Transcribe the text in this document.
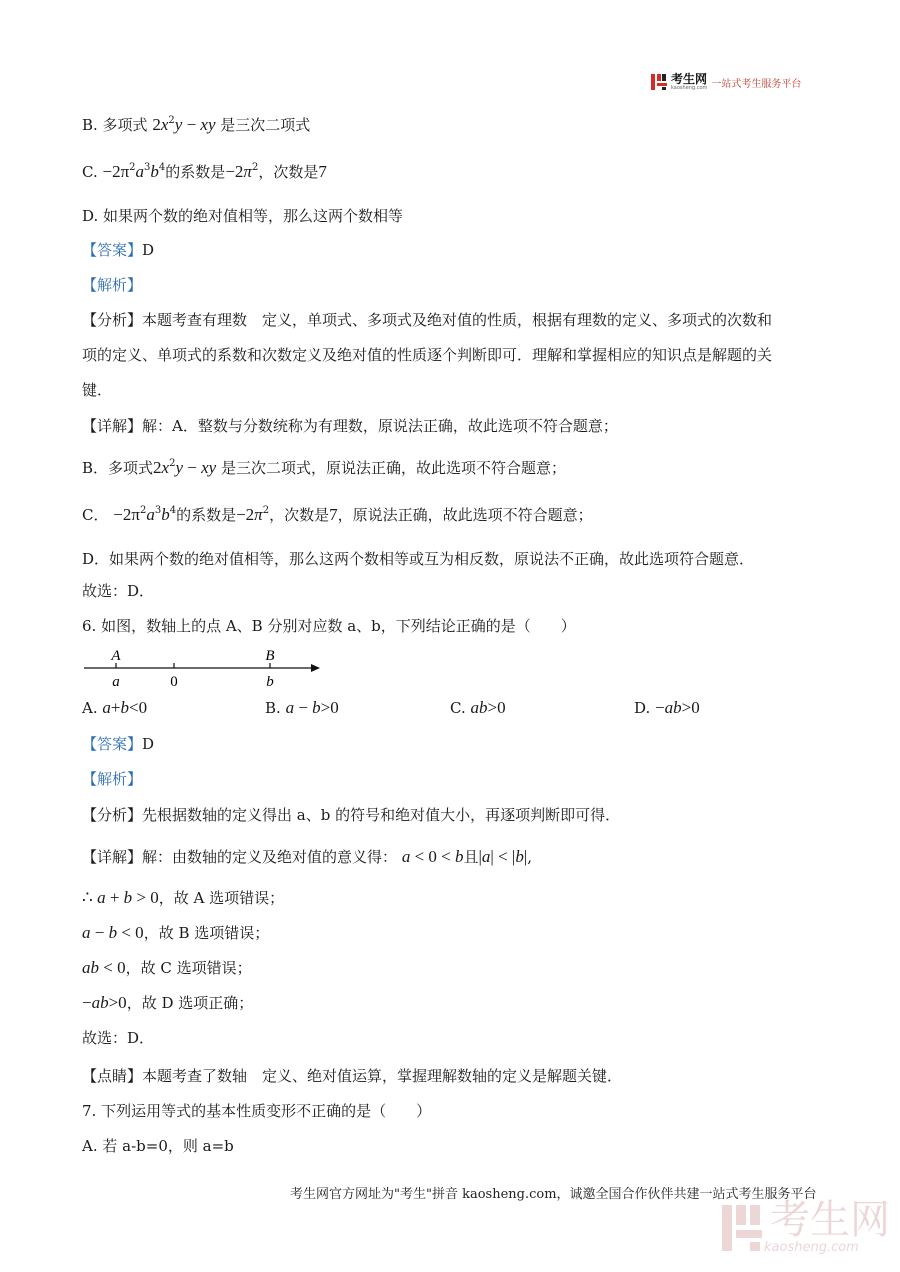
考生网
kaosheng.com 一站式考生服务平台
B. 多项式 $2x^2y$ − xy 是三次二项式
C. $-2\pi^2a^3b^4$的系数是$-2\pi^2$，次数是7
D. 如果两个数的绝对值相等，那么这两个数相等
【答案】D
【解析】
【分析】本题考查有理数　定义，单项式、多项式及绝对值的性质，根据有理数的定义、多项式的次数和
项的定义、单项式的系数和次数定义及绝对值的性质逐个判断即可．理解和掌握相应的知识点是解题的关
键．
【详解】解：A．整数与分数统称为有理数，原说法正确，故此选项不符合题意；
B．多项式$2x^2y$ − xy 是三次二项式，原说法正确，故此选项不符合题意；
C． $-2\pi^2a^3b^4$的系数是$-2\pi^2$，次数是7，原说法正确，故此选项不符合题意；
D．如果两个数的绝对值相等，那么这两个数相等或互为相反数，原说法不正确，故此选项符合题意．
故选：D．
6. 如图，数轴上的点 A、B 分别对应数 a、b，下列结论正确的是（　　）
A	B
a	0	b
A. a+b<0	B. a − b>0	C. ab>0	D. −ab>0
【答案】D
【解析】
【分析】先根据数轴的定义得出 a、b 的符号和绝对值大小，再逐项判断即可得．
【详解】解：由数轴的定义及绝对值的意义得： a < 0 < b且|a| < |b|,
∴ a + b > 0，故 A 选项错误；
a − b < 0，故 B 选项错误；
ab < 0，故 C 选项错误；
−ab>0，故 D 选项正确；
故选：D．
【点睛】本题考查了数轴　定义、绝对值运算，掌握理解数轴的定义是解题关键．
7. 下列运用等式的基本性质变形不正确的是（　　）
A. 若 a-b=0，则 a=b
考生网官方网址为"考生"拼音 kaosheng.com，诚邀全国合作伙伴共建一站式考生服务平台
考生网
kaosheng.com
